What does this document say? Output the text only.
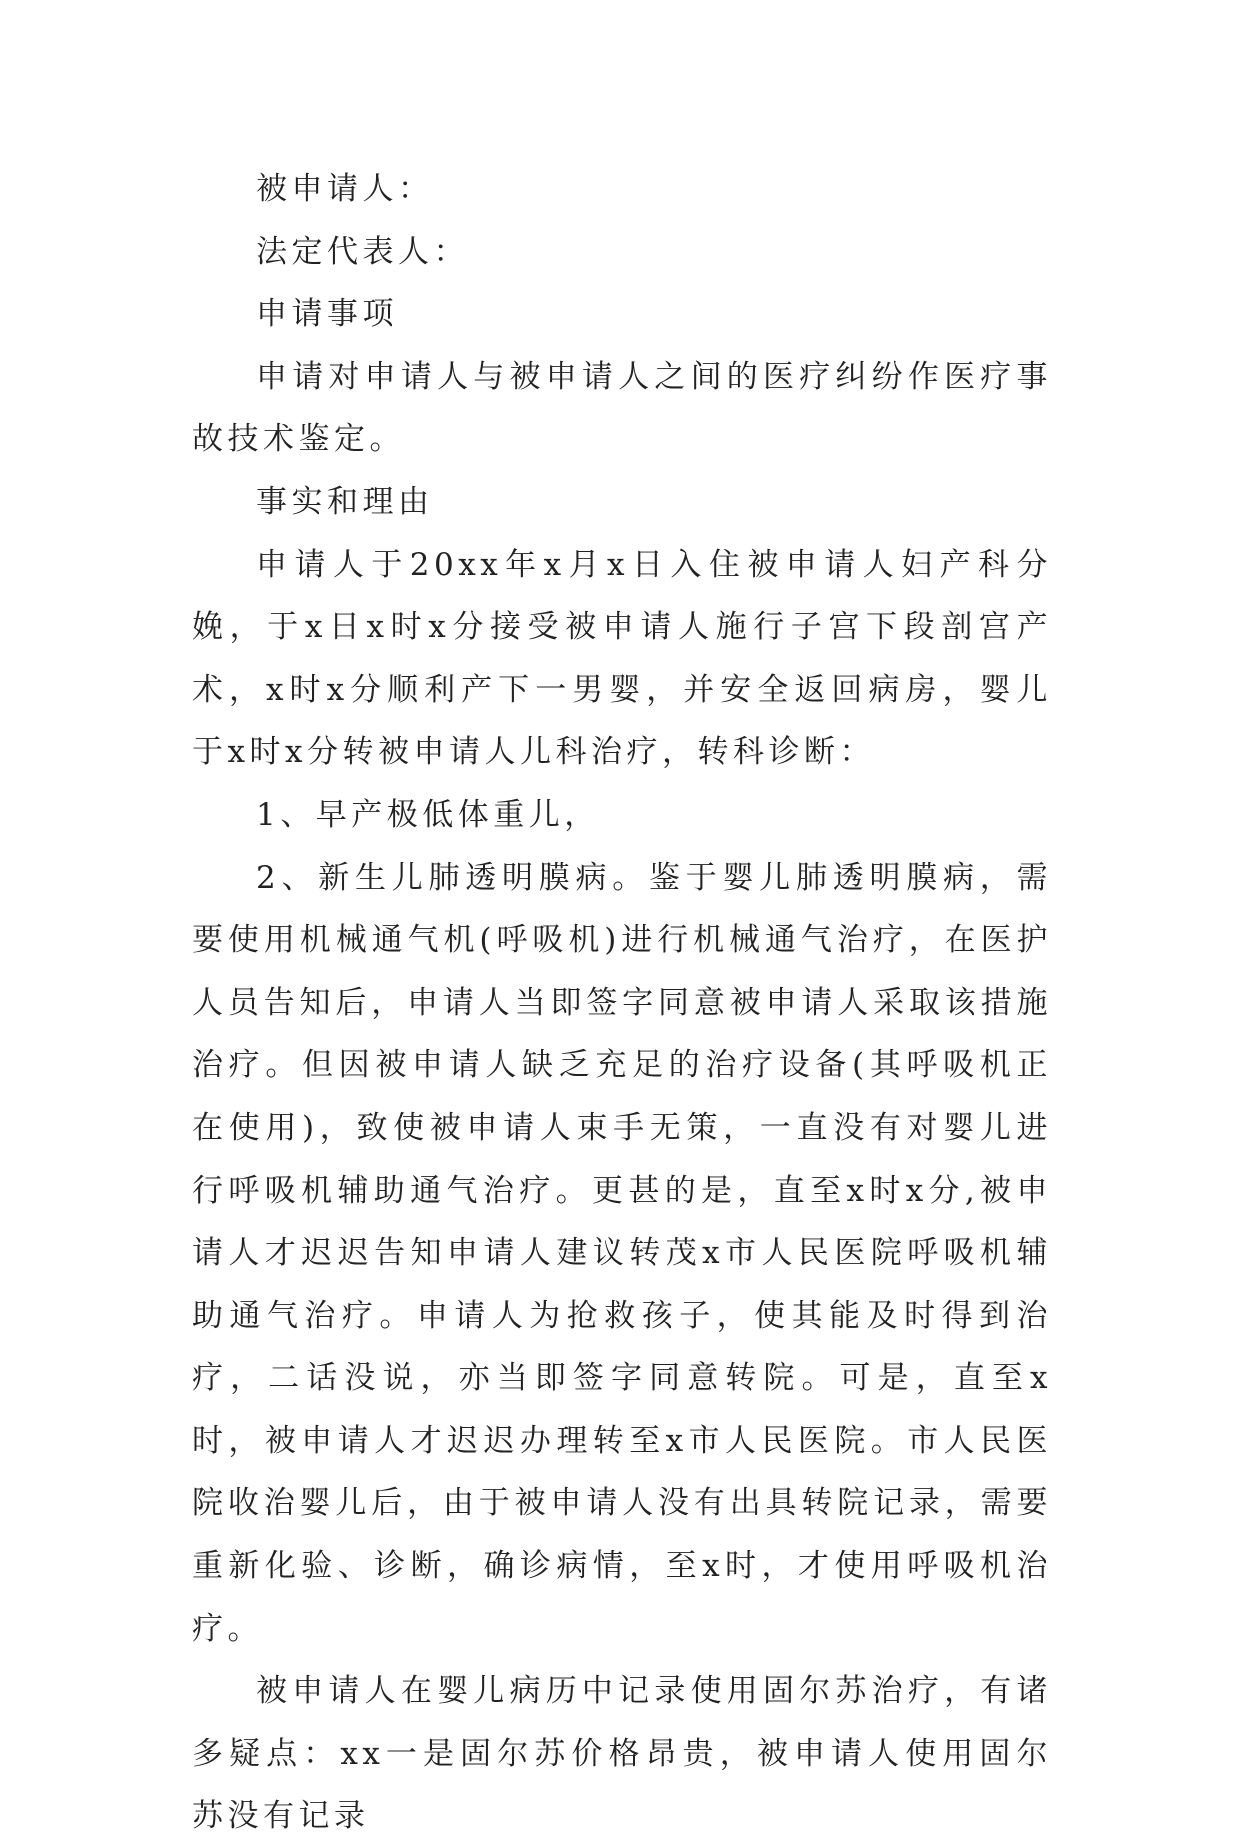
被申请人：

法定代表人：

申请事项

申请对申请人与被申请人之间的医疗纠纷作医疗事故技术鉴定。

事实和理由

申请人于20xx年x月x日入住被申请人妇产科分娩，于x日x时x分接受被申请人施行子宫下段剖宫产术，x时x分顺利产下一男婴，并安全返回病房，婴儿于x时x分转被申请人儿科治疗，转科诊断：

1、早产极低体重儿，

2、新生儿肺透明膜病。鉴于婴儿肺透明膜病，需要使用机械通气机(呼吸机)进行机械通气治疗，在医护人员告知后，申请人当即签字同意被申请人采取该措施治疗。但因被申请人缺乏充足的治疗设备(其呼吸机正在使用)，致使被申请人束手无策，一直没有对婴儿进行呼吸机辅助通气治疗。更甚的是，直至x时x分,被申请人才迟迟告知申请人建议转茂x市人民医院呼吸机辅助通气治疗。申请人为抢救孩子，使其能及时得到治疗，二话没说，亦当即签字同意转院。可是，直至x时，被申请人才迟迟办理转至x市人民医院。市人民医院收治婴儿后，由于被申请人没有出具转院记录，需要重新化验、诊断，确诊病情，至x时，才使用呼吸机治疗。

被申请人在婴儿病历中记录使用固尔苏治疗，有诸多疑点：xx一是固尔苏价格昂贵，被申请人使用固尔苏没有记录
